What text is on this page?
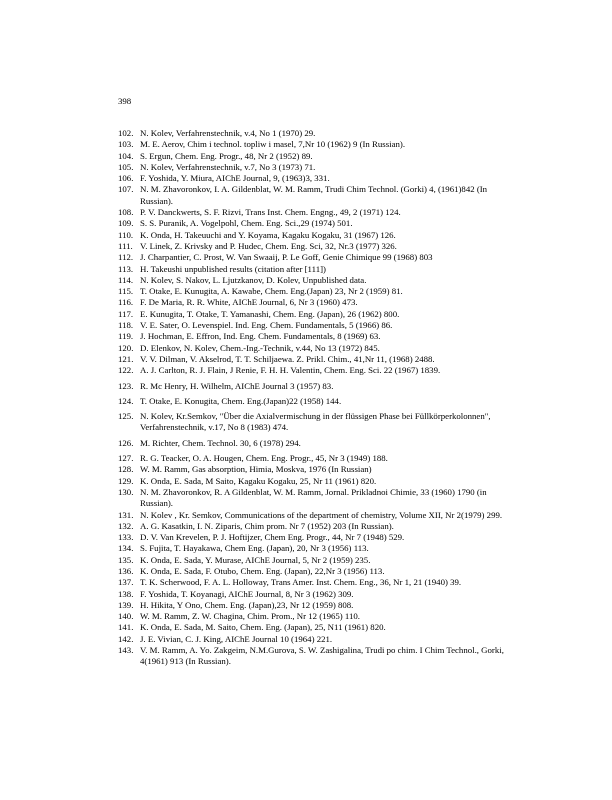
398
102. N. Kolev, Verfahrenstechnik, v.4, No 1 (1970) 29.
103. M. E. Aerov, Chim i technol. topliw i masel, 7,Nr 10 (1962) 9 (In Russian).
104. S. Ergun, Chem. Eng. Progr., 48, Nr 2 (1952) 89.
105. N. Kolev, Verfahrenstechnik, v.7, No 3 (1973) 71.
106. F. Yoshida, Y. Miura, AIChE Journal, 9, (1963)3, 331.
107. N. M. Zhavoronkov, I. A. Gildenblat, W. M. Ramm, Trudi Chim Technol. (Gorki) 4, (1961)842 (In Russian).
108. P. V. Danckwerts, S. F. Rizvi, Trans Inst. Chem. Engng., 49, 2 (1971) 124.
109. S. S. Puranik, A. Vogelpohl, Chem. Eng. Sci.,29 (1974) 501.
110. K. Onda, H. Takeuuchi and Y. Koyama, Kagaku Kogaku, 31 (1967) 126.
111. V. Linek, Z. Krivsky and P. Hudec, Chem. Eng. Sci, 32, Nr.3 (1977) 326.
112. J. Charpantier, C. Prost, W. Van Swaaij, P. Le Goff, Genie Chimique 99 (1968) 803
113. H. Takeushi unpublished results (citation after [111])
114. N. Kolev, S. Nakov, L. Ljutzkanov, D. Kolev, Unpublished data.
115. T. Otake, E. Kunugita, A. Kawabe, Chem. Eng.(Japan) 23, Nr 2 (1959) 81.
116. F. De Maria, R. R. White, AIChE Journal, 6, Nr 3 (1960) 473.
117. E. Kunugita, T. Otake, T. Yamanashi, Chem. Eng. (Japan), 26 (1962) 800.
118. V. E. Sater, O. Levenspiel. Ind. Eng. Chem. Fundamentals, 5 (1966) 86.
119. J. Hochman, E. Effron, Ind. Eng. Chem. Fundamentals, 8 (1969) 63.
120. D. Elenkov, N. Kolev, Chem.-Ing.-Technik, v.44, No 13 (1972) 845.
121. V. V. Dilman, V. Akselrod, T. T. Schiljaewa. Z. Prikl. Chim., 41,Nr 11, (1968) 2488.
122. A. J. Carlton, R. J. Flain, J Renie, F. H. H. Valentin, Chem. Eng. Sci. 22 (1967) 1839.
123. R. Mc Henry, H. Wilhelm, AIChE Journal 3 (1957) 83.
124. T. Otake, E. Konugita, Chem. Eng.(Japan)22 (1958) 144.
125. N. Kolev, Kr.Semkov, "Über die Axialvermischung in der flüssigen Phase bei Füllkörperkolonnen", Verfahrenstechnik, v.17, No 8 (1983) 474.
126. M. Richter, Chem. Technol. 30, 6 (1978) 294.
127. R. G. Teacker, O. A. Hougen, Chem. Eng. Progr., 45, Nr 3 (1949) 188.
128. W. M. Ramm, Gas absorption, Himia, Moskva, 1976 (In Russian)
129. K. Onda, E. Sada, M Saito, Kagaku Kogaku, 25, Nr 11 (1961) 820.
130. N. M. Zhavoronkov, R. A Gildenblat, W. M. Ramm, Jornal. Prikladnoi Chimie, 33 (1960) 1790 (in Russian).
131. N. Kolev , Kr. Semkov, Communications of the department of chemistry, Volume XII, Nr 2(1979) 299.
132. A. G. Kasatkin, I. N. Ziparis, Chim prom. Nr 7 (1952) 203 (In Russian).
133. D. V. Van Krevelen, P. J. Hoftijzer, Chem Eng. Progr., 44, Nr 7 (1948) 529.
134. S. Fujita, T. Hayakawa, Chem Eng. (Japan), 20, Nr 3 (1956) 113.
135. K. Onda, E. Sada, Y. Murase, AIChE Journal, 5, Nr 2 (1959) 235.
136. K. Onda, E. Sada, F. Otubo, Chem. Eng. (Japan), 22,Nr 3 (1956) 113.
137. T. K. Scherwood, F. A. L. Holloway, Trans Amer. Inst. Chem. Eng., 36, Nr 1, 21 (1940) 39.
138. F. Yoshida, T. Koyanagi, AIChE Journal, 8, Nr 3 (1962) 309.
139. H. Hikita, Y Ono, Chem. Eng. (Japan),23, Nr 12 (1959) 808.
140. W. M. Ramm, Z. W. Chagina, Chim. Prom., Nr 12 (1965) 110.
141. K. Onda, E. Sada, M. Saito, Chem. Eng. (Japan), 25, N11 (1961) 820.
142. J. E. Vivian, C. J. King, AIChE Journal 10 (1964) 221.
143. V. M. Ramm, A. Yo. Zakgeim, N.M.Gurova, S. W. Zashigalina, Trudi po chim. I Chim Technol., Gorki, 4(1961) 913 (In Russian).
